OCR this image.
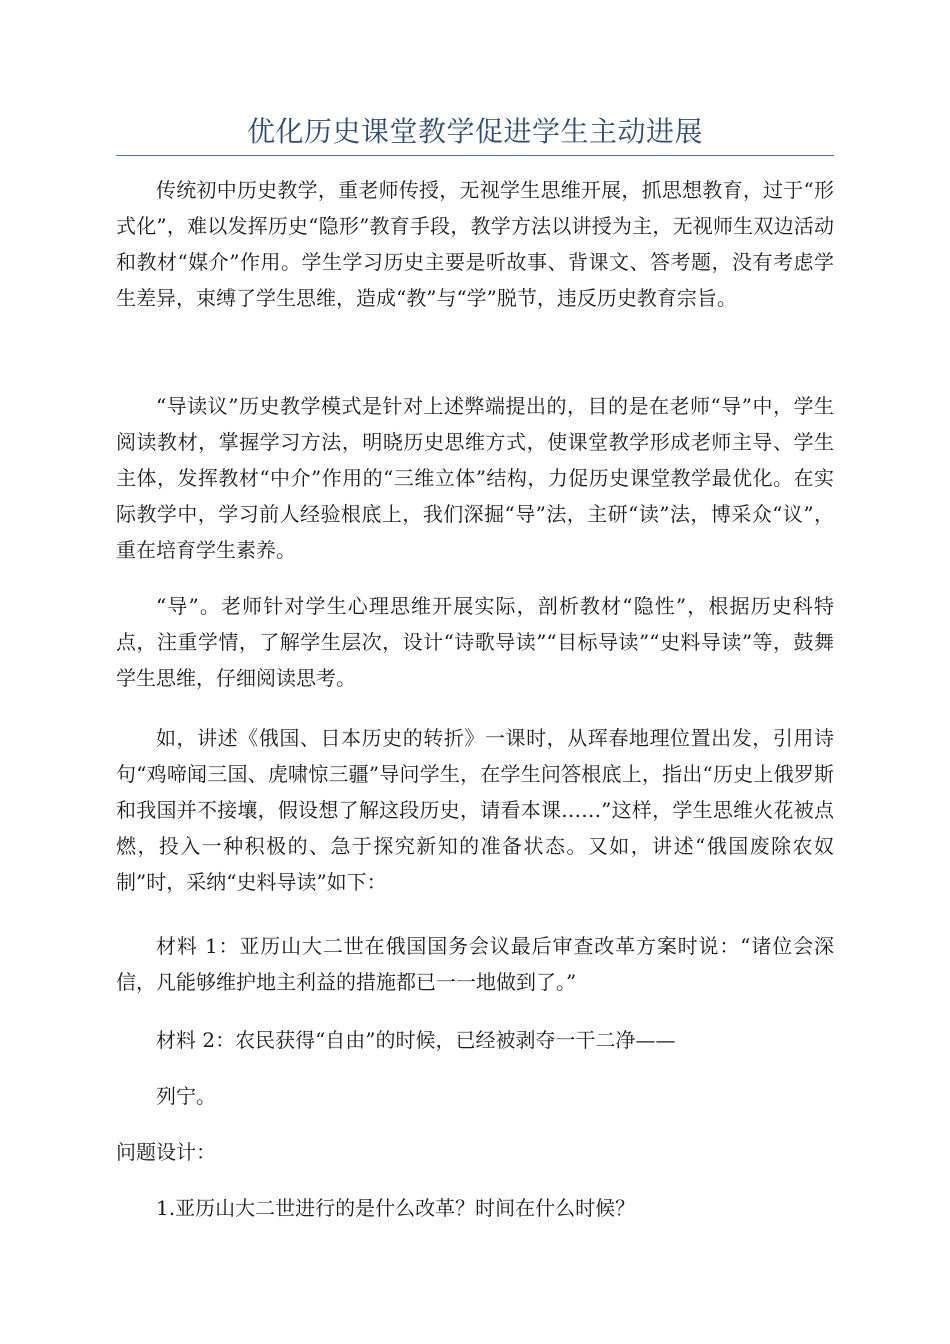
优化历史课堂教学促进学生主动进展

传统初中历史教学，重老师传授，无视学生思维开展，抓思想教育，过于“形式化”，难以发挥历史“隐形”教育手段，教学方法以讲授为主，无视师生双边活动和教材“媒介”作用。学生学习历史主要是听故事、背课文、答考题，没有考虑学生差异，束缚了学生思维，造成“教”与“学”脱节，违反历史教育宗旨。

“导读议”历史教学模式是针对上述弊端提出的，目的是在老师“导”中，学生阅读教材，掌握学习方法，明晓历史思维方式，使课堂教学形成老师主导、学生主体，发挥教材“中介”作用的“三维立体”结构，力促历史课堂教学最优化。在实际教学中，学习前人经验根底上，我们深掘“导”法，主研“读”法，博采众“议”，重在培育学生素养。

“导”。老师针对学生心理思维开展实际，剖析教材“隐性”，根据历史科特点，注重学情，了解学生层次，设计“诗歌导读”“目标导读”“史料导读”等，鼓舞学生思维，仔细阅读思考。

如，讲述《俄国、日本历史的转折》一课时，从珲春地理位置出发，引用诗句“鸡啼闻三国、虎啸惊三疆”导问学生，在学生问答根底上，指出“历史上俄罗斯和我国并不接壤，假设想了解这段历史，请看本课……”这样，学生思维火花被点燃，投入一种积极的、急于探究新知的准备状态。又如，讲述“俄国废除农奴制”时，采纳“史料导读”如下：

材料 1：亚历山大二世在俄国国务会议最后审查改革方案时说：“诸位会深信，凡能够维护地主利益的措施都已一一地做到了。”

材料 2：农民获得“自由”的时候，已经被剥夺一干二净——

列宁。

问题设计：

1.亚历山大二世进行的是什么改革？时间在什么时候？
